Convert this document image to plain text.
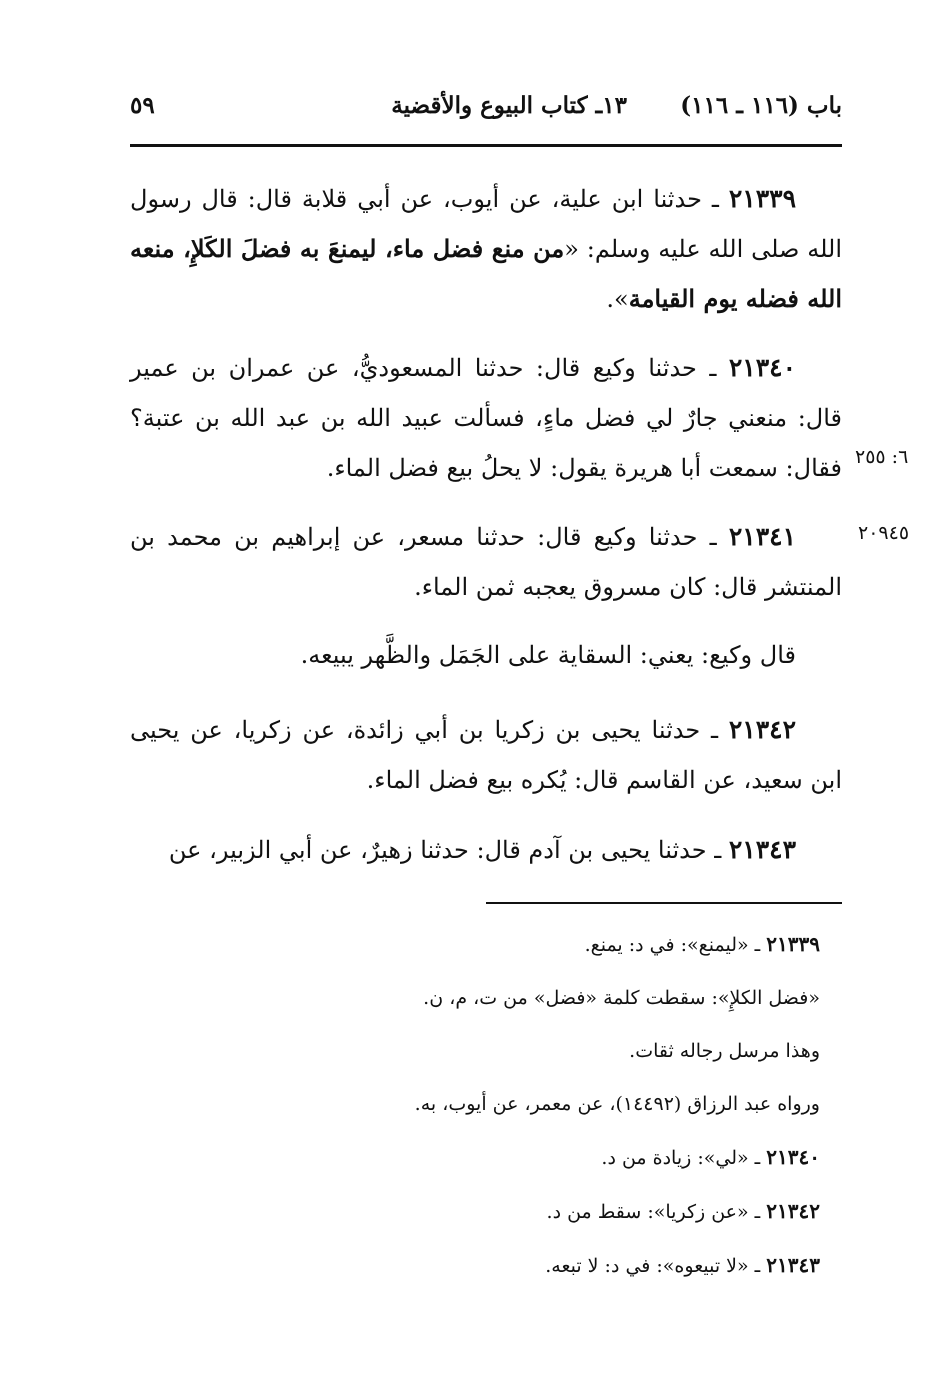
باب (١١٦ ـ ١١٦)
١٣ـ كتاب البيوع والأقضية
٥٩

٢١٣٣٩ ـ حدثنا ابن علية، عن أيوب، عن أبي قلابة قال: قال رسول الله صلى الله عليه وسلم: «من منع فضل ماء، ليمنعَ به فضلَ الكَلإِ، منعه الله فضله يوم القيامة».

٢١٣٤٠ ـ حدثنا وكيع قال: حدثنا المسعوديُّ، عن عمران بن عمير قال: منعني جارٌ لي فضل ماءٍ، فسألت عبيد الله بن عبد الله بن عتبة؟ فقال: سمعت أبا هريرة يقول: لا يحلُ بيع فضل الماء. ٦: ٢٥٥

٢١٣٤١ ـ حدثنا وكيع قال: حدثنا مسعر، عن إبراهيم بن محمد بن المنتشر قال: كان مسروق يعجبه ثمن الماء.

٢٠٩٤٥

قال وكيع: يعني: السقاية على الجَمَل والظَّهر يبيعه.

٢١٣٤٢ ـ حدثنا يحيى بن زكريا بن أبي زائدة، عن زكريا، عن يحيى ابن سعيد، عن القاسم قال: يُكره بيع فضل الماء.

٢١٣٤٣ ـ حدثنا يحيى بن آدم قال: حدثنا زهيرٌ، عن أبي الزبير، عن

٢١٣٣٩ ـ «ليمنع»: في د: يمنع.

«فضل الكلإِ»: سقطت كلمة «فضل» من ت، م، ن.

وهذا مرسل رجاله ثقات.

ورواه عبد الرزاق (١٤٤٩٢)، عن معمر، عن أيوب، به.

٢١٣٤٠ ـ «لي»: زيادة من د.

٢١٣٤٢ ـ «عن زكريا»: سقط من د.

٢١٣٤٣ ـ «لا تبيعوه»: في د: لا تبعه.
